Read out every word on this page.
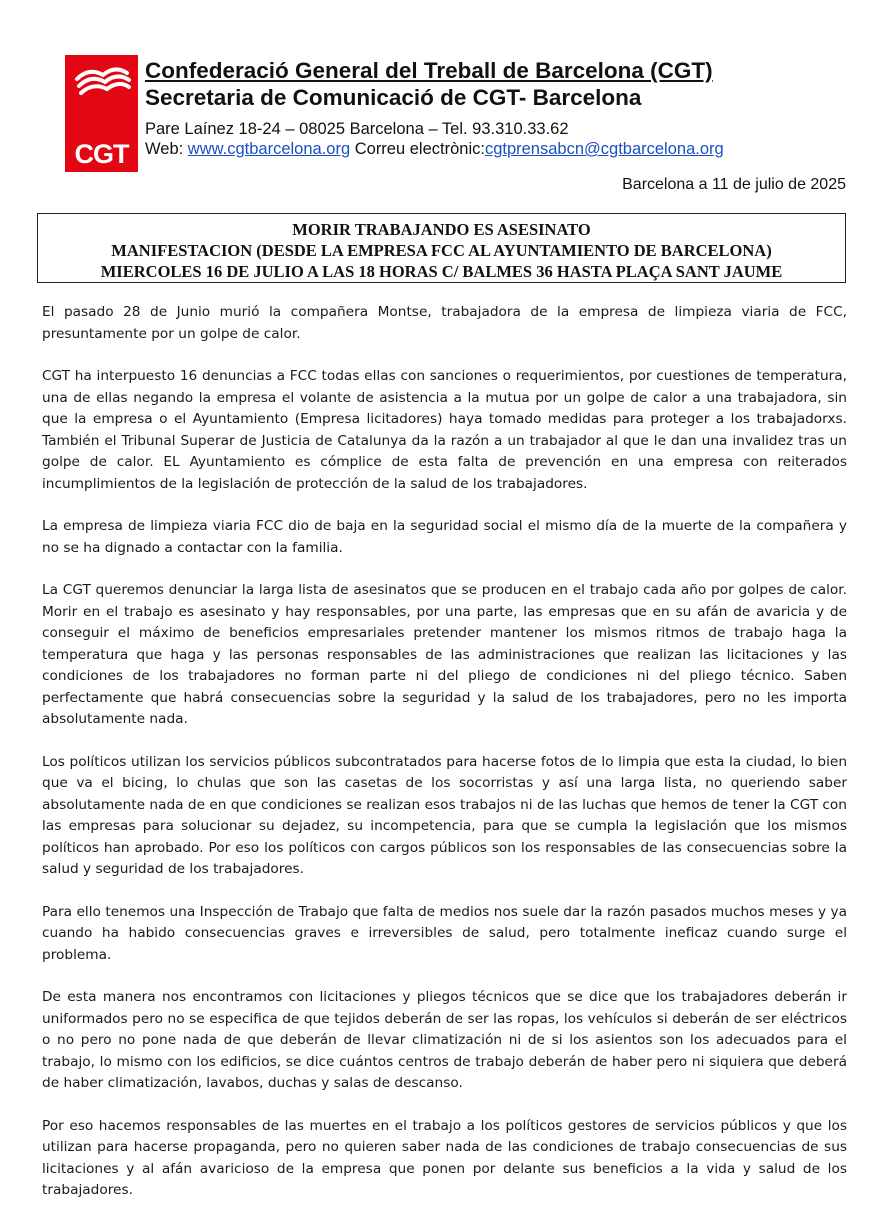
CGT
Confederació General del Treball de Barcelona (CGT)
Secretaria de Comunicació de CGT- Barcelona
Pare Laínez 18-24 – 08025 Barcelona – Tel. 93.310.33.62
Web: www.cgtbarcelona.org Correu electrònic:cgtprensabcn@cgtbarcelona.org
Barcelona a 11 de julio de 2025
MORIR TRABAJANDO ES ASESINATO
MANIFESTACION (DESDE LA EMPRESA FCC AL AYUNTAMIENTO DE BARCELONA)
MIERCOLES 16 DE JULIO A LAS 18 HORAS C/ BALMES 36 HASTA PLAÇA SANT JAUME

El pasado 28 de Junio murió la compañera Montse, trabajadora de la empresa de limpieza viaria de FCC, presuntamente por un golpe de calor.

CGT ha interpuesto 16 denuncias a FCC todas ellas con sanciones o requerimientos, por cuestiones de temperatura, una de ellas negando la empresa el volante de asistencia a la mutua por un golpe de calor a una trabajadora, sin que la empresa o el Ayuntamiento (Empresa licitadores) haya tomado medidas para proteger a los trabajadorxs. También el Tribunal Superar de Justicia de Catalunya da la razón a un trabajador al que le dan una invalidez tras un golpe de calor. EL Ayuntamiento es cómplice de esta falta de prevención en una empresa con reiterados incumplimientos de la legislación de protección de la salud de los trabajadores.

La empresa de limpieza viaria FCC dio de baja en la seguridad social el mismo día de la muerte de la compañera y no se ha dignado a contactar con la familia.

La CGT queremos denunciar la larga lista de asesinatos que se producen en el trabajo cada año por golpes de calor. Morir en el trabajo es asesinato y hay responsables, por una parte, las empresas que en su afán de avaricia y de conseguir el máximo de beneficios empresariales pretender mantener los mismos ritmos de trabajo haga la temperatura que haga y las personas responsables de las administraciones que realizan las licitaciones y las condiciones de los trabajadores no forman parte ni del pliego de condiciones ni del pliego técnico. Saben perfectamente que habrá consecuencias sobre la seguridad y la salud de los trabajadores, pero no les importa absolutamente nada.

Los políticos utilizan los servicios públicos subcontratados para hacerse fotos de lo limpia que esta la ciudad, lo bien que va el bicing, lo chulas que son las casetas de los socorristas y así una larga lista, no queriendo saber absolutamente nada de en que condiciones se realizan esos trabajos ni de las luchas que hemos de tener la CGT con las empresas para solucionar su dejadez, su incompetencia, para que se cumpla la legislación que los mismos políticos han aprobado. Por eso los políticos con cargos públicos son los responsables de las consecuencias sobre la salud y seguridad de los trabajadores.

Para ello tenemos una Inspección de Trabajo que falta de medios nos suele dar la razón pasados muchos meses y ya cuando ha habido consecuencias graves e irreversibles de salud, pero totalmente ineficaz cuando surge el problema.

De esta manera nos encontramos con licitaciones y pliegos técnicos que se dice que los trabajadores deberán ir uniformados pero no se especifica de que tejidos deberán de ser las ropas, los vehículos si deberán de ser eléctricos o no pero no pone nada de que deberán de llevar climatización ni de si los asientos son los adecuados para el trabajo, lo mismo con los edificios, se dice cuántos centros de trabajo deberán de haber pero ni siquiera que deberá de haber climatización, lavabos, duchas y salas de descanso.

Por eso hacemos responsables de las muertes en el trabajo a los políticos gestores de servicios públicos y que los utilizan para hacerse propaganda, pero no quieren saber nada de las condiciones de trabajo consecuencias de sus licitaciones y al afán avaricioso de la empresa que ponen por delante sus beneficios a la vida y salud de los trabajadores.
